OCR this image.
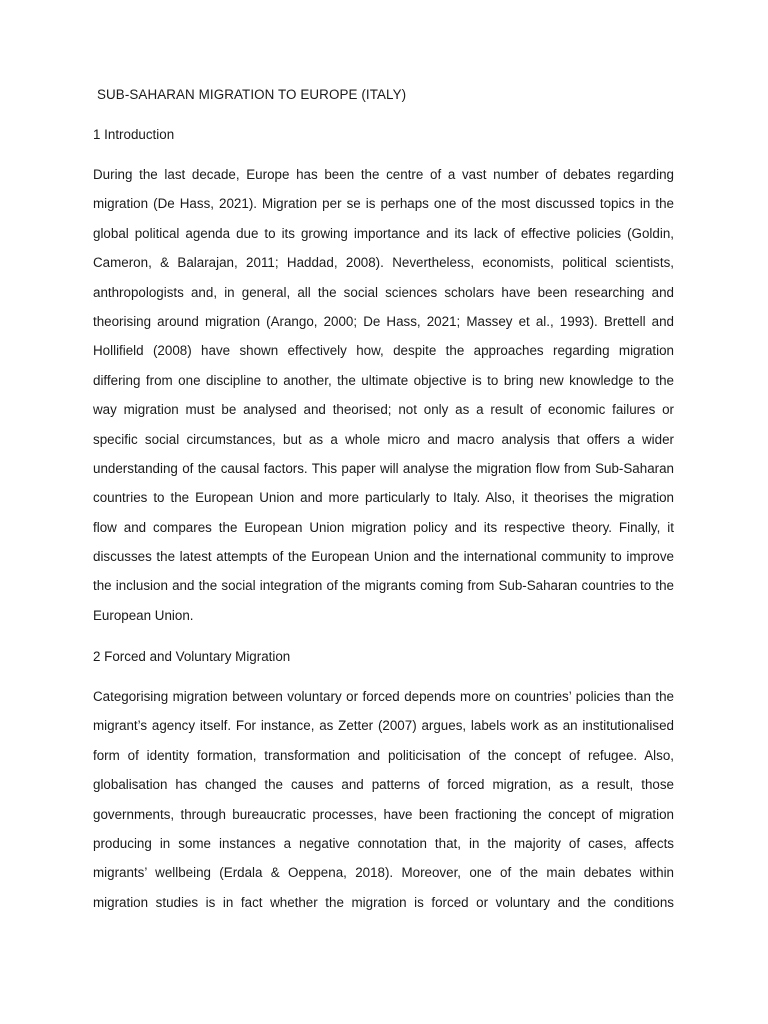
SUB-SAHARAN MIGRATION TO EUROPE (ITALY)
1 Introduction

During the last decade, Europe has been the centre of a vast number of debates regarding
migration (De Hass, 2021). Migration per se is perhaps one of the most discussed topics in the
global political agenda due to its growing importance and its lack of effective policies (Goldin,
Cameron, & Balarajan, 2011; Haddad, 2008). Nevertheless, economists, political scientists,
anthropologists and, in general, all the social sciences scholars have been researching and
theorising around migration (Arango, 2000; De Hass, 2021; Massey et al., 1993). Brettell and
Hollifield (2008) have shown effectively how, despite the approaches regarding migration
differing from one discipline to another, the ultimate objective is to bring new knowledge to the
way migration must be analysed and theorised; not only as a result of economic failures or
specific social circumstances, but as a whole micro and macro analysis that offers a wider
understanding of the causal factors. This paper will analyse the migration flow from Sub-Saharan
countries to the European Union and more particularly to Italy. Also, it theorises the migration
flow and compares the European Union migration policy and its respective theory. Finally, it
discusses the latest attempts of the European Union and the international community to improve
the inclusion and the social integration of the migrants coming from Sub-Saharan countries to the
European Union.

2 Forced and Voluntary Migration

Categorising migration between voluntary or forced depends more on countries’ policies than the
migrant’s agency itself. For instance, as Zetter (2007) argues, labels work as an institutionalised
form of identity formation, transformation and politicisation of the concept of refugee. Also,
globalisation has changed the causes and patterns of forced migration, as a result, those
governments, through bureaucratic processes, have been fractioning the concept of migration
producing in some instances a negative connotation that, in the majority of cases, affects
migrants’ wellbeing (Erdala & Oeppena, 2018). Moreover, one of the main debates within
migration studies is in fact whether the migration is forced or voluntary and the conditions
